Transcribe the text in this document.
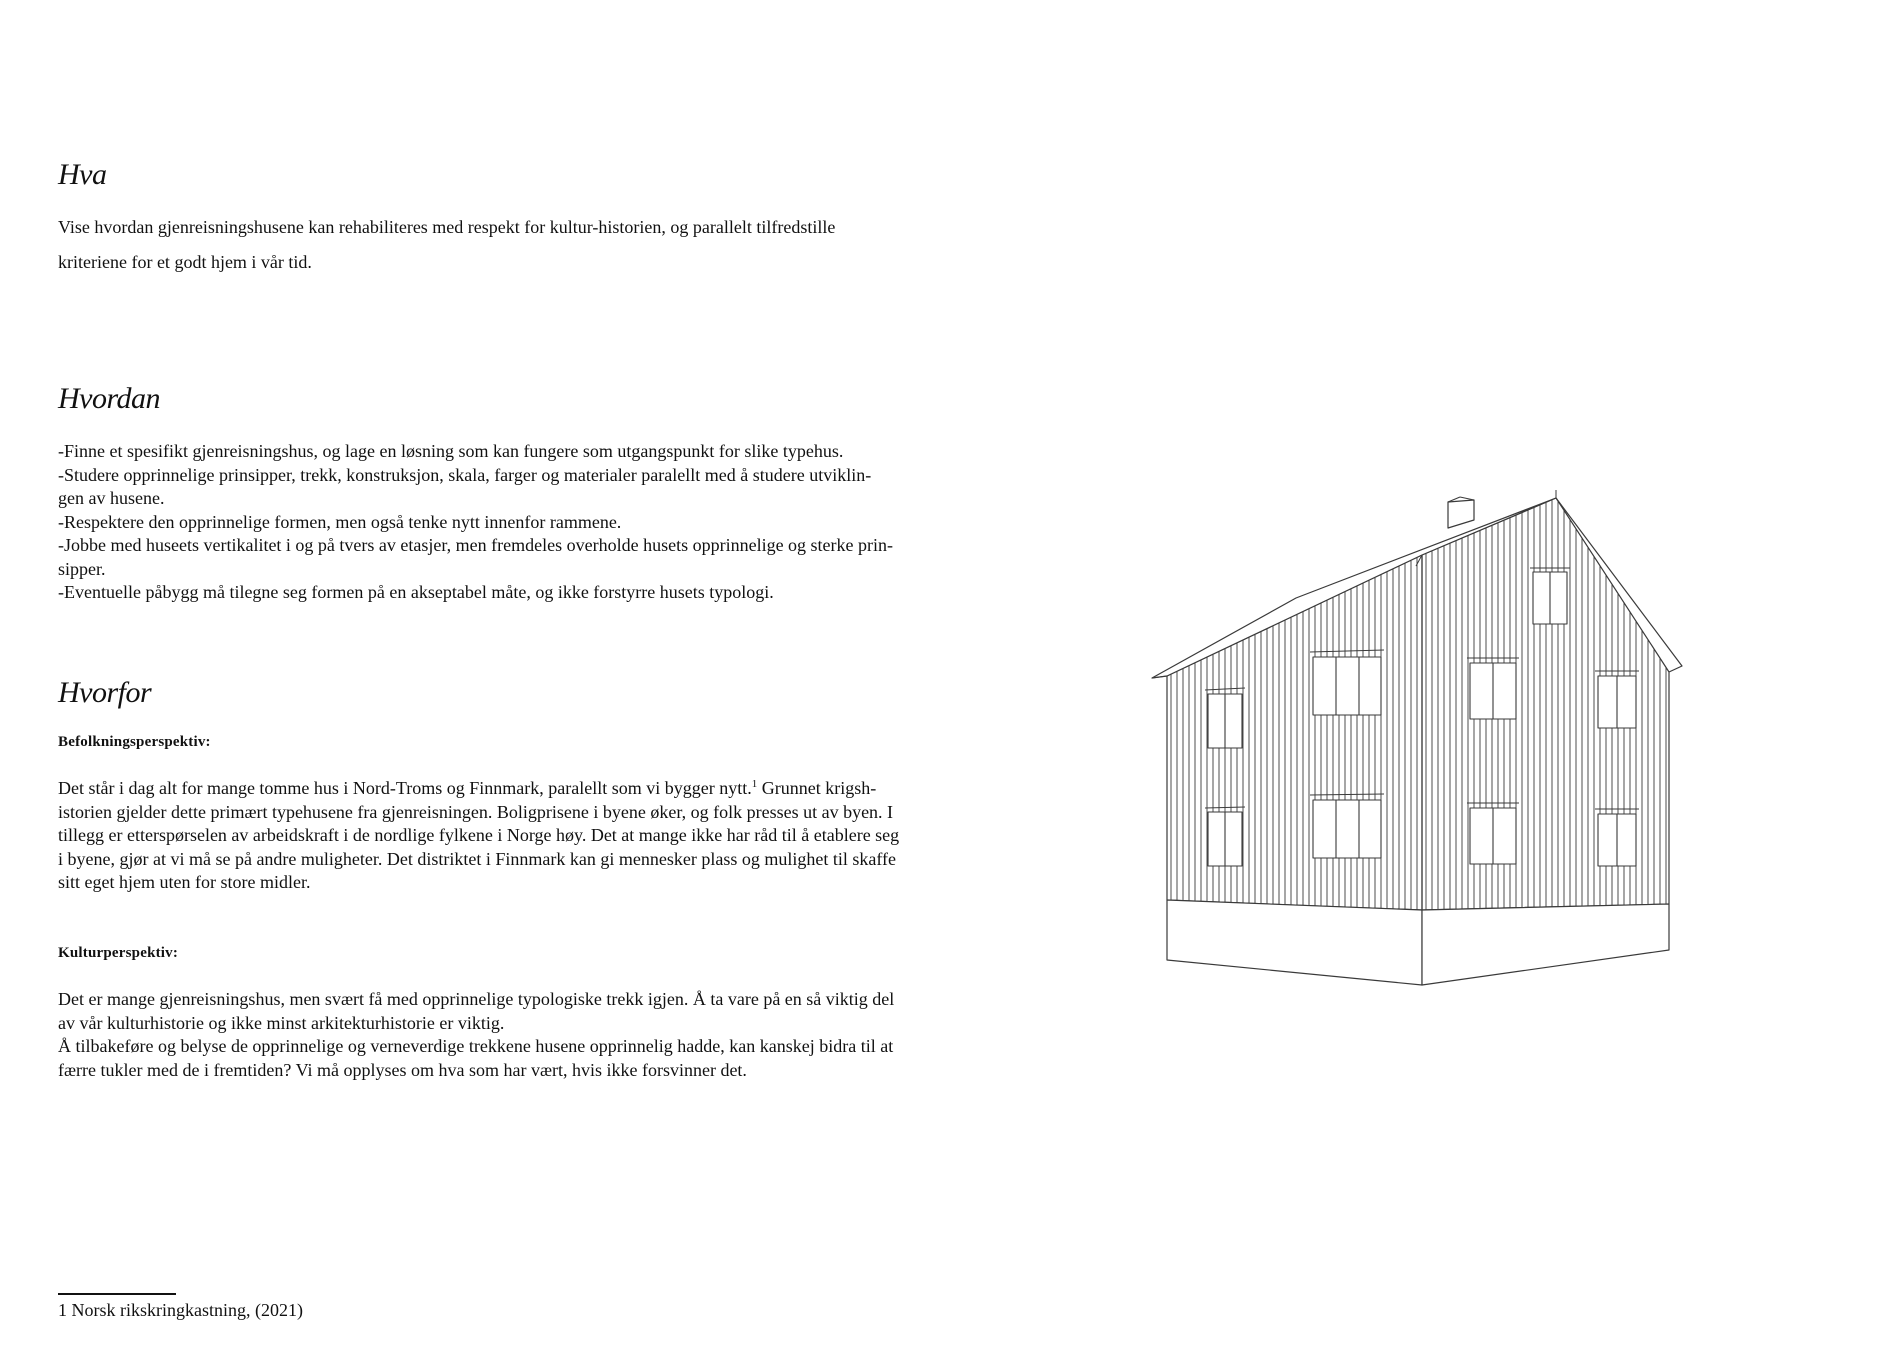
Hva

Vise hvordan gjenreisningshusene kan rehabiliteres med respekt for kultur-historien, og parallelt tilfredstille
kriteriene for et godt hjem i vår tid.

Hvordan

-Finne et spesifikt gjenreisningshus, og lage en løsning som kan fungere som utgangspunkt for slike typehus.
-Studere opprinnelige prinsipper, trekk, konstruksjon, skala, farger og materialer paralellt med å studere utviklin-
gen av husene.
-Respektere den opprinnelige formen, men også tenke nytt innenfor rammene.
-Jobbe med huseets vertikalitet i og på tvers av etasjer, men fremdeles overholde husets opprinnelige og sterke prin-
sipper.
-Eventuelle påbygg må tilegne seg formen på en akseptabel måte, og ikke forstyrre husets typologi.

Hvorfor
Befolkningsperspektiv:

Det står i dag alt for mange tomme hus i Nord-Troms og Finnmark, paralellt som vi bygger nytt.$^1$ Grunnet krigsh-
istorien gjelder dette primært typehusene fra gjenreisningen. Boligprisene i byene øker, og folk presses ut av byen. I
tillegg er etterspørselen av arbeidskraft i de nordlige fylkene i Norge høy. Det at mange ikke har råd til å etablere seg
i byene, gjør at vi må se på andre muligheter. Det distriktet i Finnmark kan gi mennesker plass og mulighet til skaffe
sitt eget hjem uten for store midler.

Kulturperspektiv:

Det er mange gjenreisningshus, men svært få med opprinnelige typologiske trekk igjen. Å ta vare på en så viktig del
av vår kulturhistorie og ikke minst arkitekturhistorie er viktig.
Å tilbakeføre og belyse de opprinnelige og verneverdige trekkene husene opprinnelig hadde, kan kanskej bidra til at
færre tukler med de i fremtiden? Vi må opplyses om hva som har vært, hvis ikke forsvinner det.

1 Norsk rikskringkastning, (2021)
